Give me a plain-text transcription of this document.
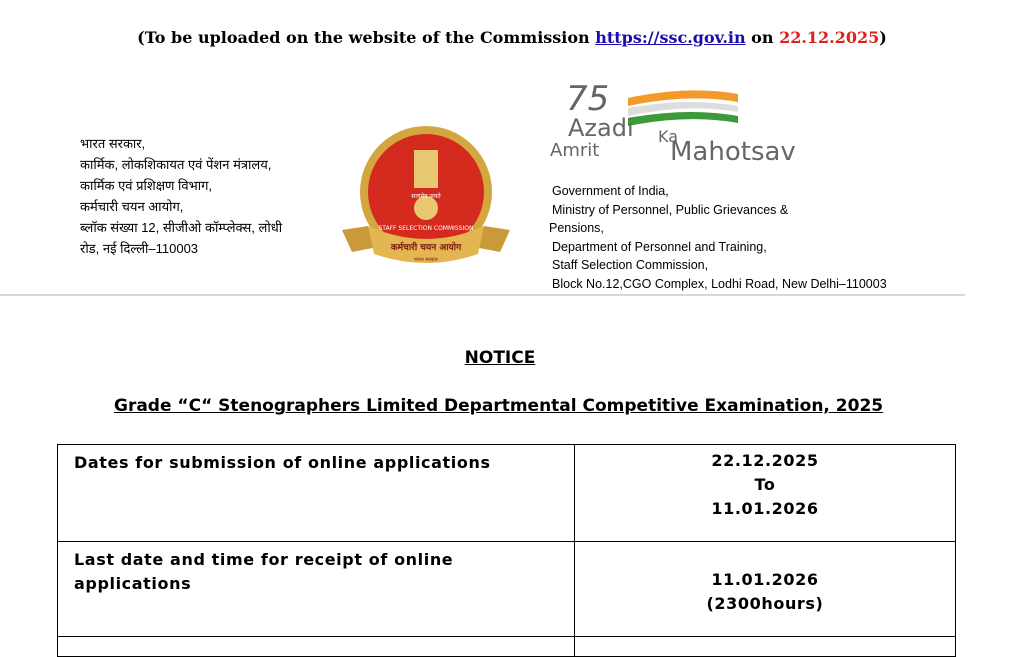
(To be uploaded on the website of the Commission https://ssc.gov.in on 22.12.2025)
भारत सरकार,
कार्मिक, लोकशिकायत एवं पेंशन मंत्रालय,
कार्मिक एवं प्रशिक्षण विभाग,
कर्मचारी चयन आयोग,
ब्लॉक संख्या 12, सीजीओ कॉम्प्लेक्स, लोधी
रोड, नई दिल्ली–110003
सत्यमेव जयते
कर्मचारी चयन आयोग
भारत सरकार
STAFF SELECTION COMMISSION
75
Azadi Ka
Amrit	Mahotsav
Government of India,
Ministry of Personnel, Public Grievances &
Pensions,
Department of Personnel and Training,
Staff Selection Commission,
Block No.12,CGO Complex, Lodhi Road, New Delhi–110003
NOTICE
Grade “C“ Stenographers Limited Departmental Competitive Examination, 2025
Dates for submission of online applications	22.12.2025
To
11.01.2026

Last date and time for receipt of online applications	11.01.2026
(2300hours)
